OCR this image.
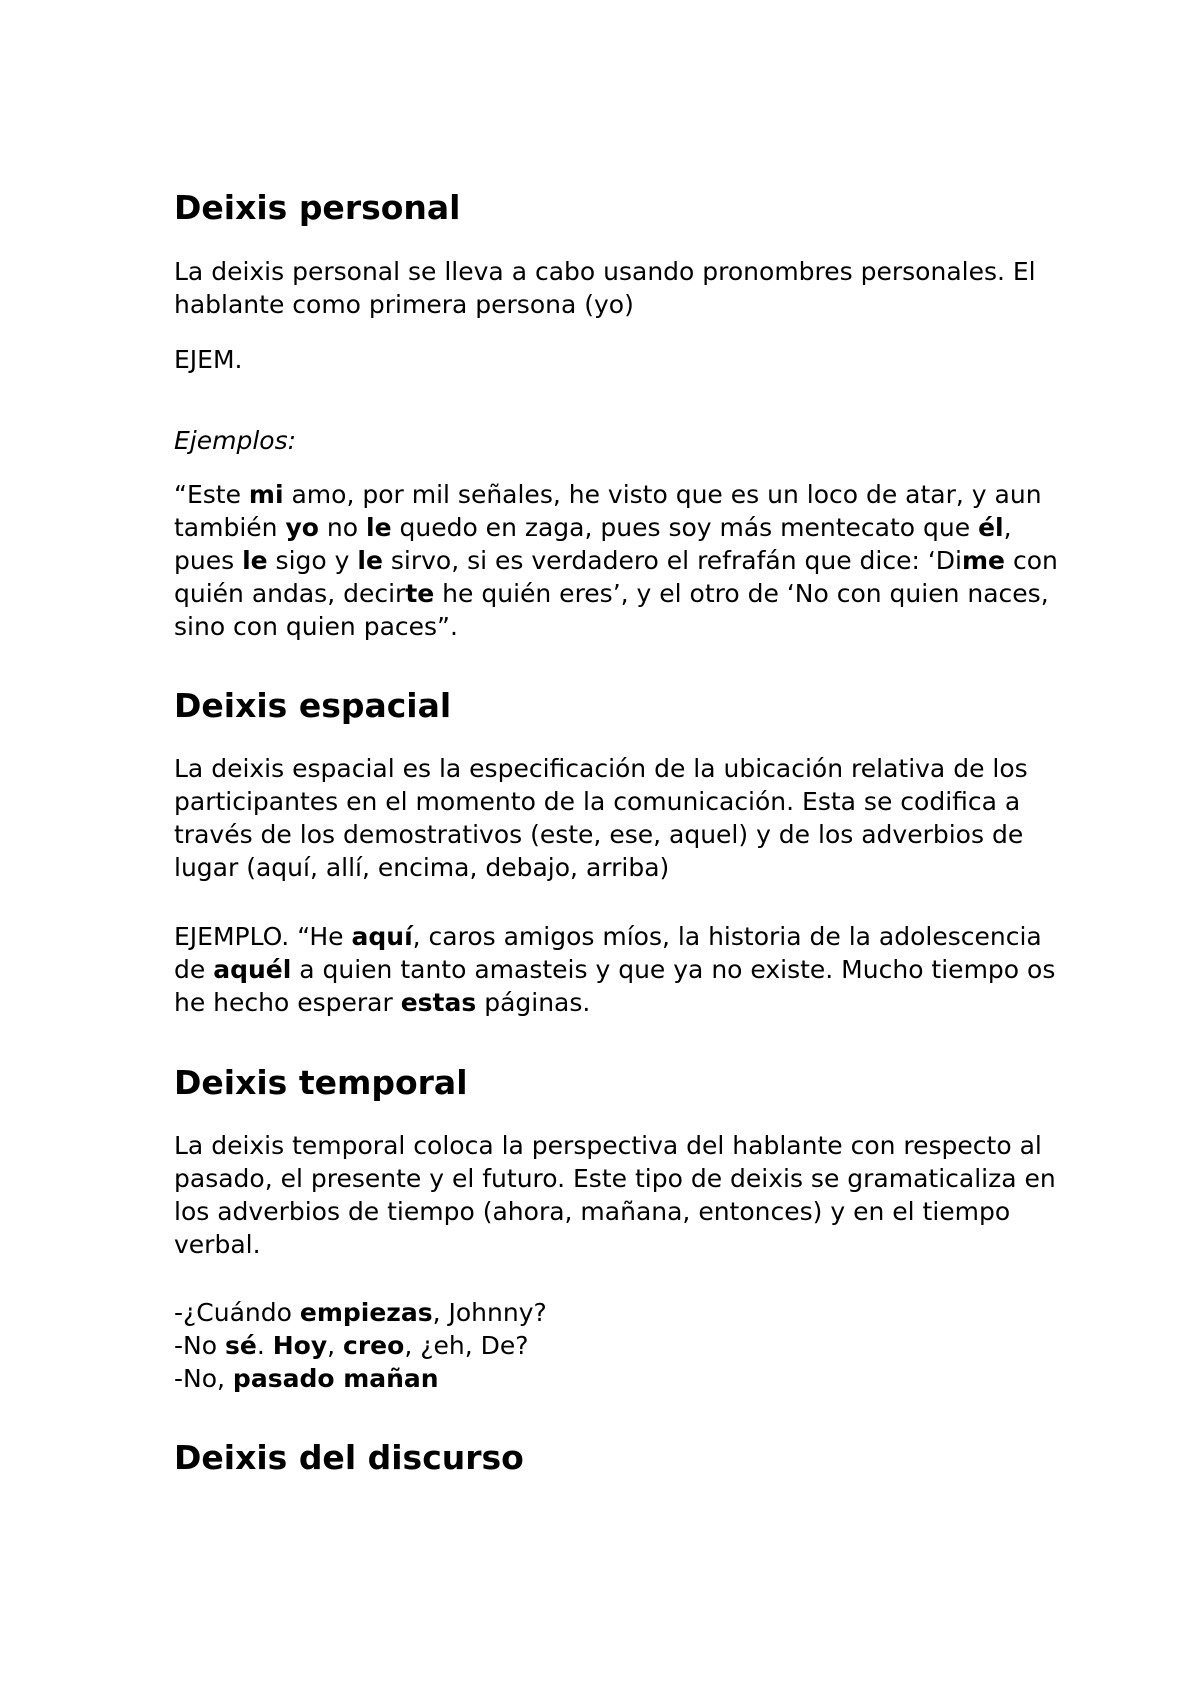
Deixis personal

La deixis personal se lleva a cabo usando pronombres personales. El hablante como primera persona (yo)

EJEM.

Ejemplos:

“Este mi amo, por mil señales, he visto que es un loco de atar, y aun también yo no le quedo en zaga, pues soy más mentecato que él, pues le sigo y le sirvo, si es verdadero el refrafán que dice: ‘Dime con quién andas, decirte he quién eres’, y el otro de ‘No con quien naces, sino con quien paces”.

Deixis espacial

La deixis espacial es la especificación de la ubicación relativa de los participantes en el momento de la comunicación. Esta se codifica a través de los demostrativos (este, ese, aquel) y de los adverbios de lugar (aquí, allí, encima, debajo, arriba)

EJEMPLO. “He aquí, caros amigos míos, la historia de la adolescencia de aquél a quien tanto amasteis y que ya no existe. Mucho tiempo os he hecho esperar estas páginas.

Deixis temporal

La deixis temporal coloca la perspectiva del hablante con respecto al pasado, el presente y el futuro. Este tipo de deixis se gramaticaliza en los adverbios de tiempo (ahora, mañana, entonces) y en el tiempo verbal.

-¿Cuándo empiezas, Johnny?
-No sé. Hoy, creo, ¿eh, De?
-No, pasado mañan

Deixis del discurso
